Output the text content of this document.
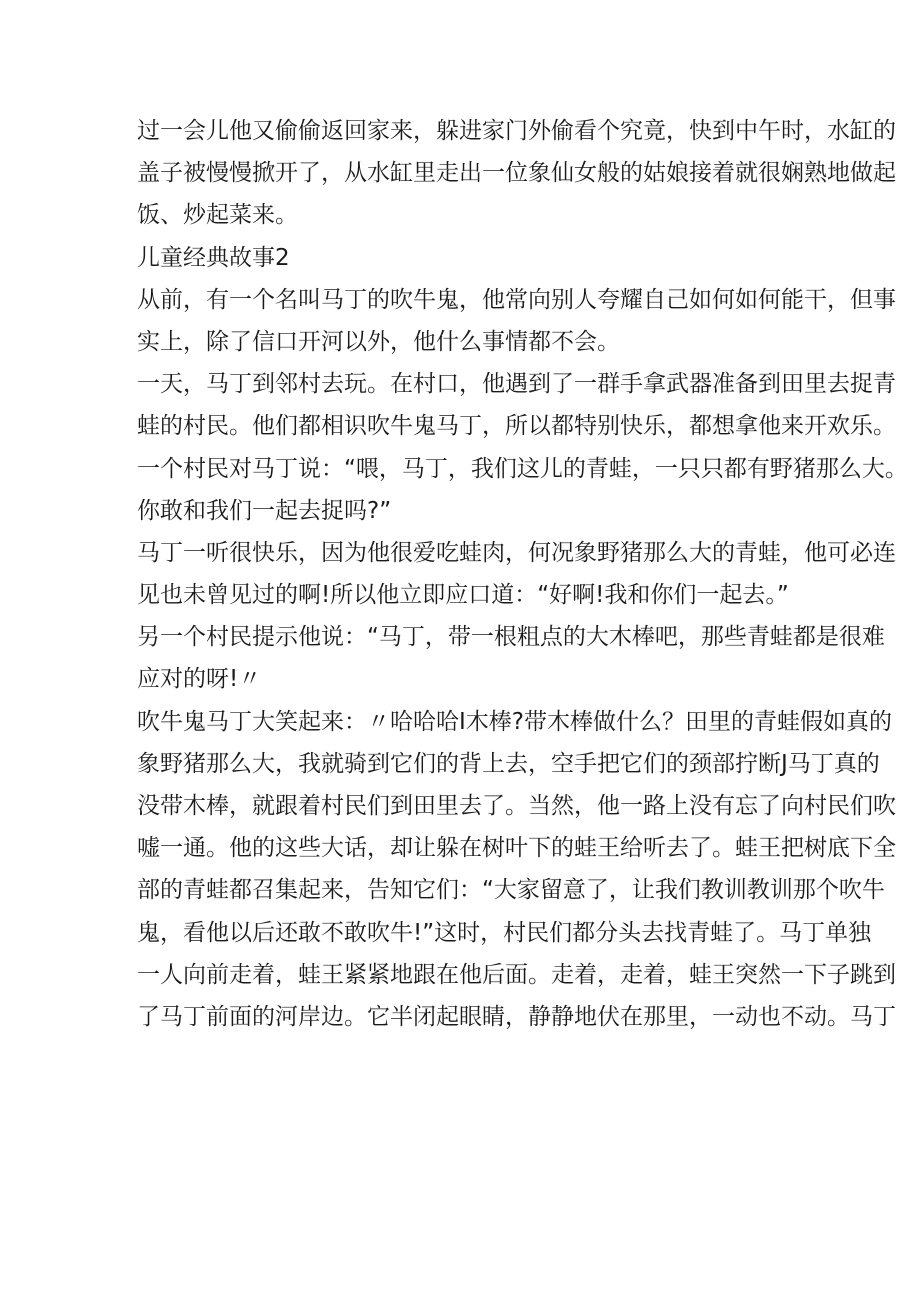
过一会儿他又偷偷返回家来，躲进家门外偷看个究竟，快到中午时，水缸的
盖子被慢慢掀开了，从水缸里走出一位象仙女般的姑娘接着就很娴熟地做起
饭、炒起菜来。
儿童经典故事2
从前，有一个名叫马丁的吹牛鬼，他常向别人夸耀自己如何如何能干，但事
实上，除了信口开河以外，他什么事情都不会。
一天，马丁到邻村去玩。在村口，他遇到了一群手拿武器准备到田里去捉青
蛙的村民。他们都相识吹牛鬼马丁，所以都特别快乐，都想拿他来开欢乐。
一个村民对马丁说：“喂，马丁，我们这儿的青蛙，一只只都有野猪那么大。
你敢和我们一起去捉吗?”
马丁一听很快乐，因为他很爱吃蛙肉，何况象野猪那么大的青蛙，他可必连
见也未曾见过的啊!所以他立即应口道：“好啊!我和你们一起去。”
另一个村民提示他说：“马丁，带一根粗点的大木棒吧，那些青蛙都是很难
应对的呀!〃
吹牛鬼马丁大笑起来：〃哈哈哈I木棒?带木棒做什么？田里的青蛙假如真的
象野猪那么大，我就骑到它们的背上去，空手把它们的颈部拧断J马丁真的
没带木棒，就跟着村民们到田里去了。当然，他一路上没有忘了向村民们吹
嘘一通。他的这些大话，却让躲在树叶下的蛙王给听去了。蛙王把树底下全
部的青蛙都召集起来，告知它们：“大家留意了，让我们教训教训那个吹牛
鬼，看他以后还敢不敢吹牛!”这时，村民们都分头去找青蛙了。马丁单独
一人向前走着，蛙王紧紧地跟在他后面。走着，走着，蛙王突然一下子跳到
了马丁前面的河岸边。它半闭起眼睛，静静地伏在那里，一动也不动。马丁
